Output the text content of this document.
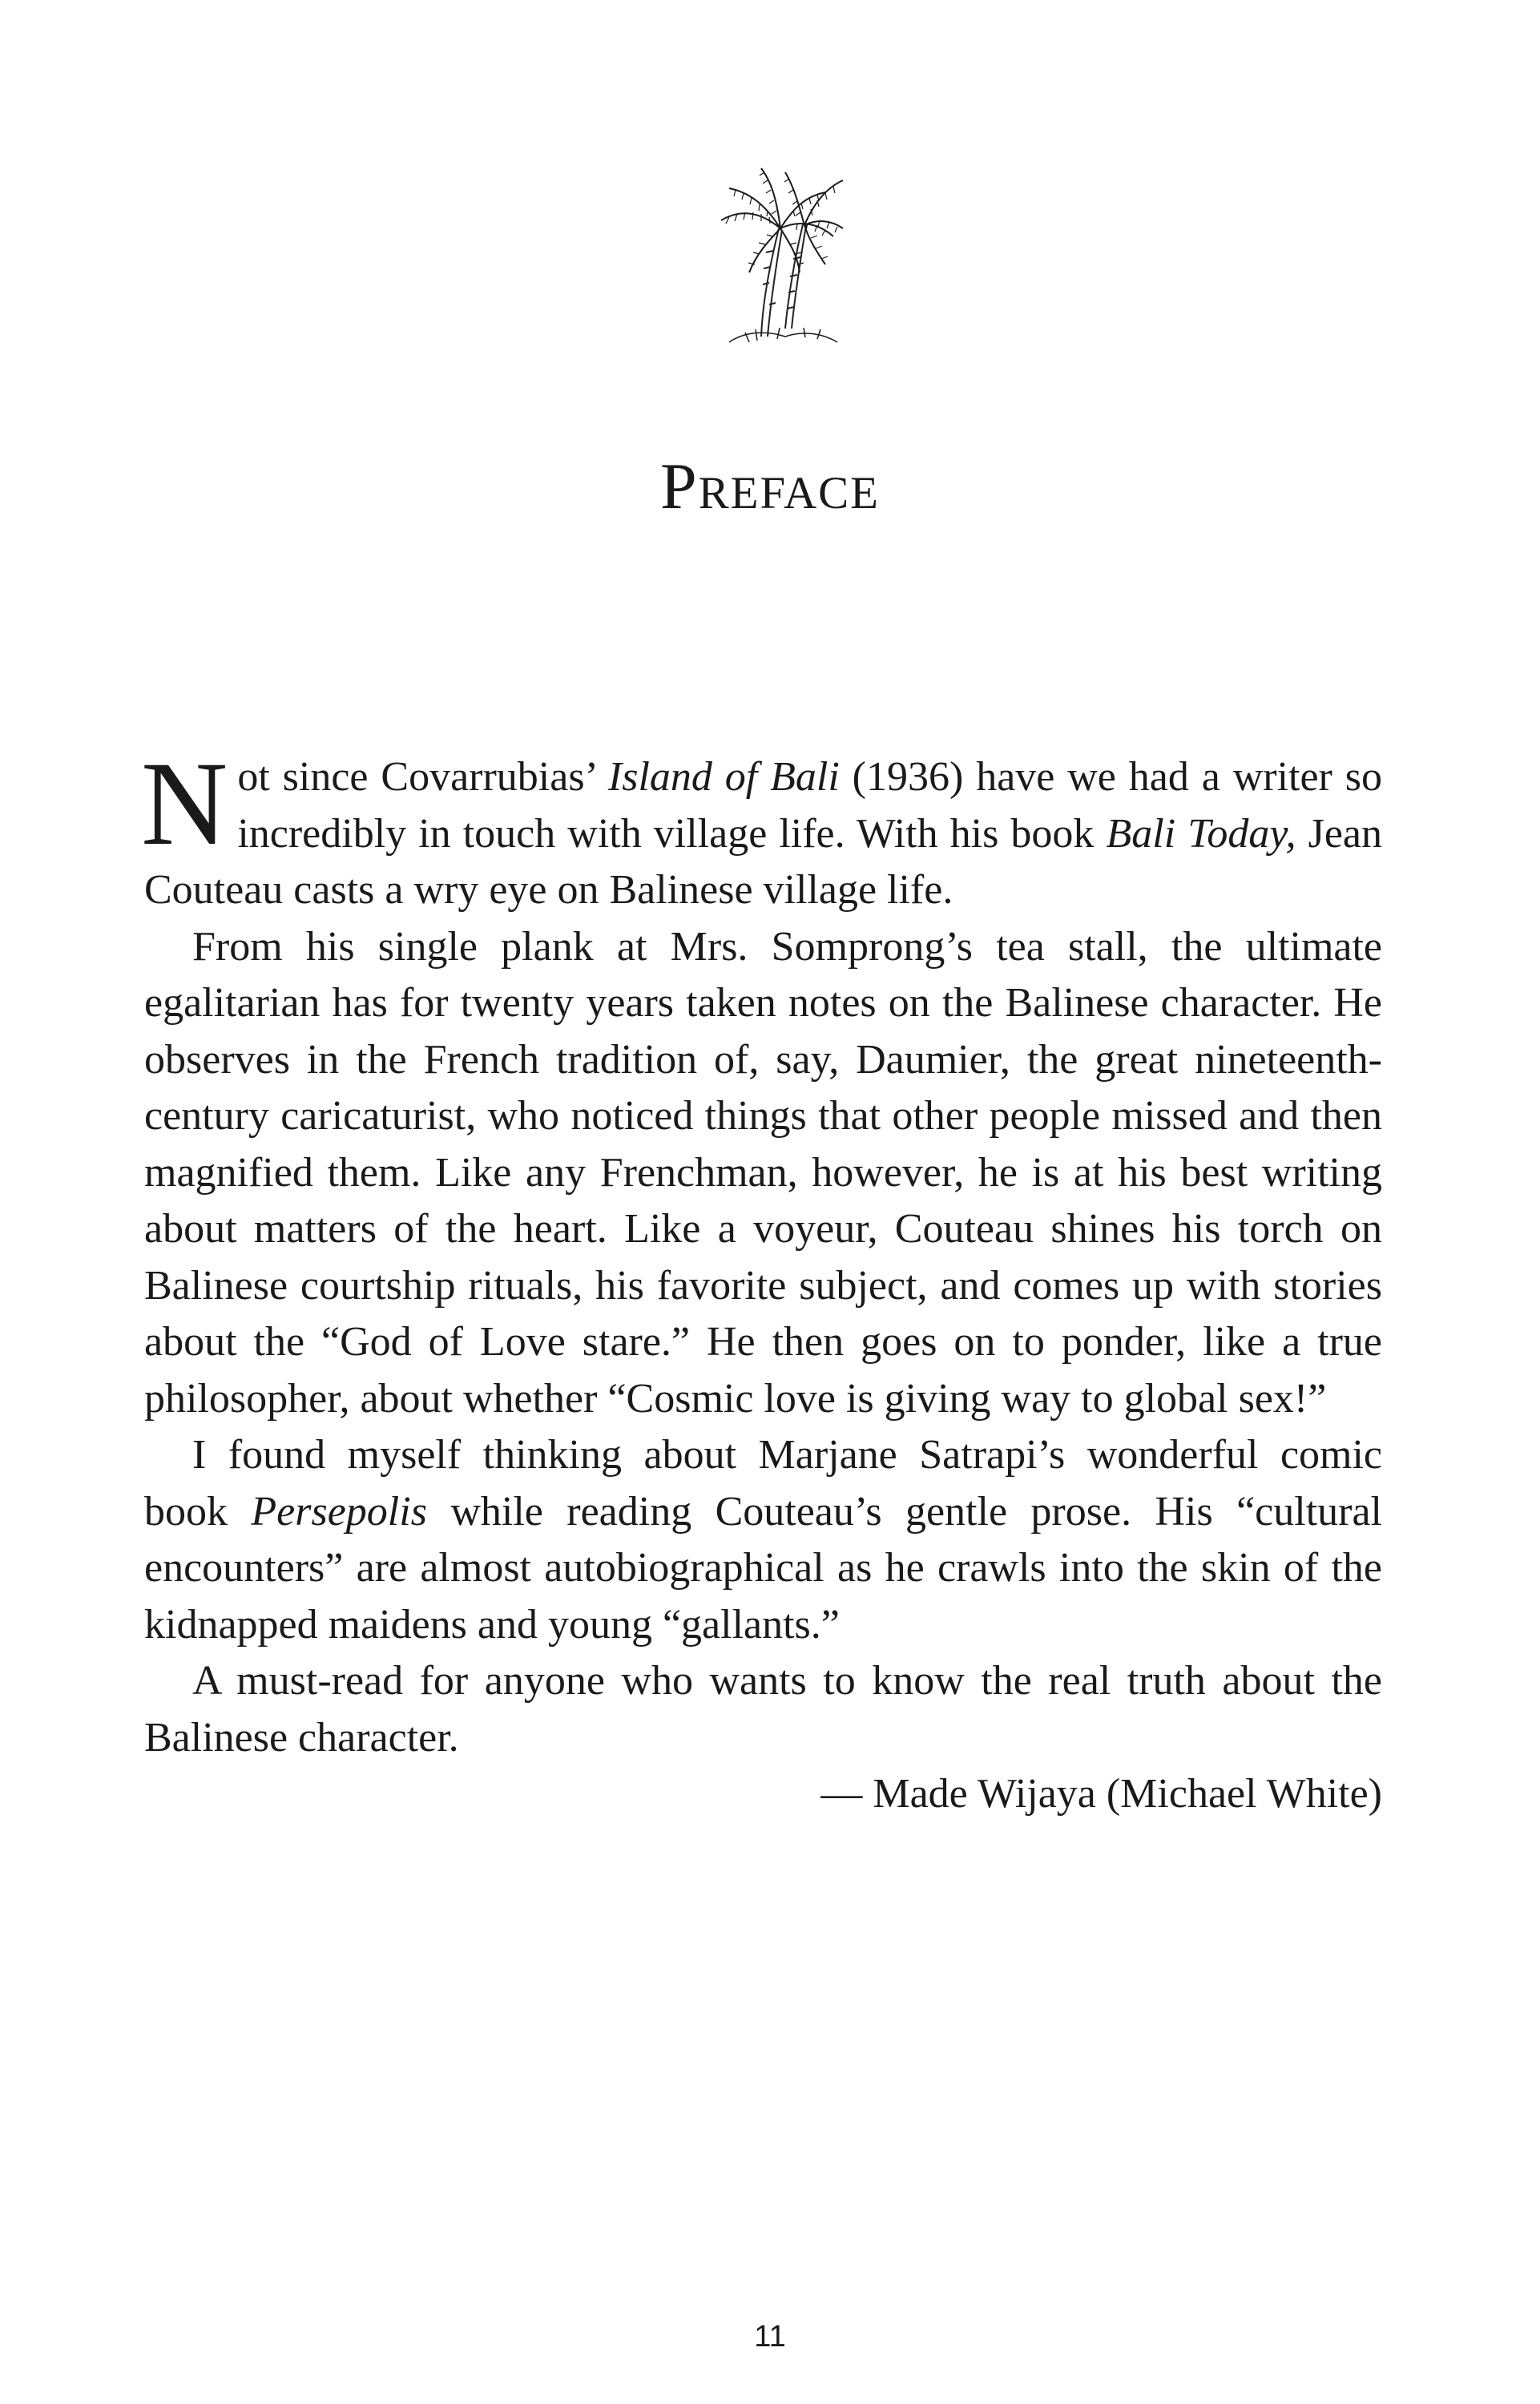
Preface

Not since Covarrubias’ Island of Bali (1936) have we had a writer so incredibly in touch with village life. With his book Bali Today, Jean Couteau casts a wry eye on Balinese village life.

From his single plank at Mrs. Somprong’s tea stall, the ultimate egalitarian has for twenty years taken notes on the Balinese character. He observes in the French tradition of, say, Daumier, the great nineteenth-century caricaturist, who noticed things that other people missed and then magnified them. Like any Frenchman, however, he is at his best writing about matters of the heart. Like a voyeur, Couteau shines his torch on Balinese courtship rituals, his favorite subject, and comes up with stories about the “God of Love stare.” He then goes on to ponder, like a true philosopher, about whether “Cosmic love is giving way to global sex!”

I found myself thinking about Marjane Satrapi’s wonderful comic book Persepolis while reading Couteau’s gentle prose. His “cultural encounters” are almost autobiographical as he crawls into the skin of the kidnapped maidens and young “gallants.”

A must-read for anyone who wants to know the real truth about the Balinese character.

— Made Wijaya (Michael White)

11
